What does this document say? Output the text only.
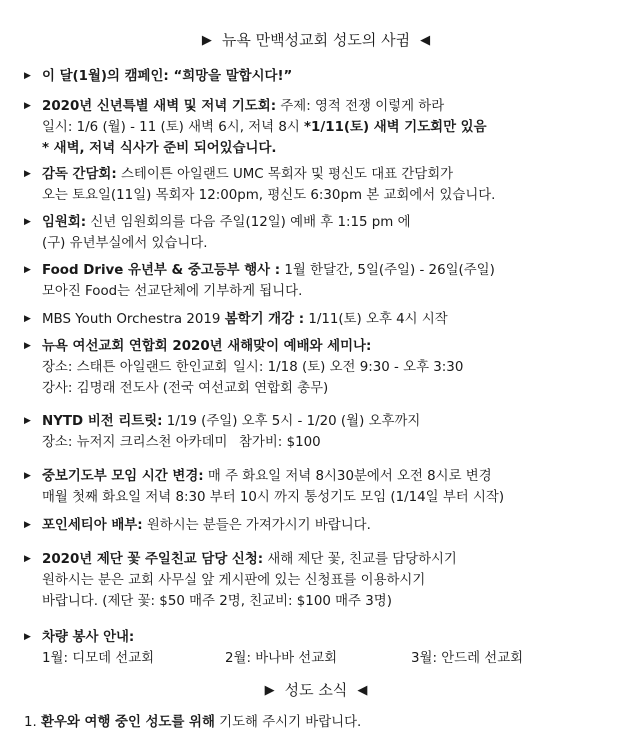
▶ 뉴욕 만백성교회 성도의 사귐 ◀
▶ 이 달(1월)의 캠페인: “희망을 말합시다!”
▶ 2020년 신년특별 새벽 및 저녁 기도회: 주제: 영적 전쟁 이렇게 하라
일시: 1/6 (월) - 11 (토) 새벽 6시, 저녁 8시 *1/11(토) 새벽 기도회만 있음
* 새벽, 저녁 식사가 준비 되어있습니다.
▶ 감독 간담회: 스테이튼 아일랜드 UMC 목회자 및 평신도 대표 간담회가
오는 토요일(11일) 목회자 12:00pm, 평신도 6:30pm 본 교회에서 있습니다.
▶ 임원회: 신년 임원회의를 다음 주일(12일) 예배 후 1:15 pm 에
(구) 유년부실에서 있습니다.
▶ Food Drive 유년부 & 중고등부 행사 : 1월 한달간, 5일(주일) - 26일(주일)
모아진 Food는 선교단체에 기부하게 됩니다.
▶ MBS Youth Orchestra 2019 봄학기 개강 : 1/11(토) 오후 4시 시작
▶ 뉴욕 여선교회 연합회 2020년 새해맞이 예배와 세미나:
장소: 스태튼 아일랜드 한인교회 일시: 1/18 (토) 오전 9:30 - 오후 3:30
강사: 김명래 전도사 (전국 여선교회 연합회 총무)
▶ NYTD 비전 리트릿: 1/19 (주일) 오후 5시 - 1/20 (월) 오후까지
장소: 뉴저지 크리스천 아카데미 참가비: $100
▶ 중보기도부 모임 시간 변경: 매 주 화요일 저녁 8시30분에서 오전 8시로 변경
매월 첫째 화요일 저녁 8:30 부터 10시 까지 통성기도 모임 (1/14일 부터 시작)
▶ 포인세티아 배부: 원하시는 분들은 가져가시기 바랍니다.
▶ 2020년 제단 꽃 주일친교 담당 신청: 새해 제단 꽃, 친교를 담당하시기
원하시는 분은 교회 사무실 앞 게시판에 있는 신청표를 이용하시기
바랍니다. (제단 꽃: $50 매주 2명, 친교비: $100 매주 3명)
▶ 차량 봉사 안내:
1월: 디모데 선교회	2월: 바나바 선교회	3월: 안드레 선교회
▶ 성도 소식 ◀
1. 환우와 여행 중인 성도를 위해 기도해 주시기 바랍니다.
